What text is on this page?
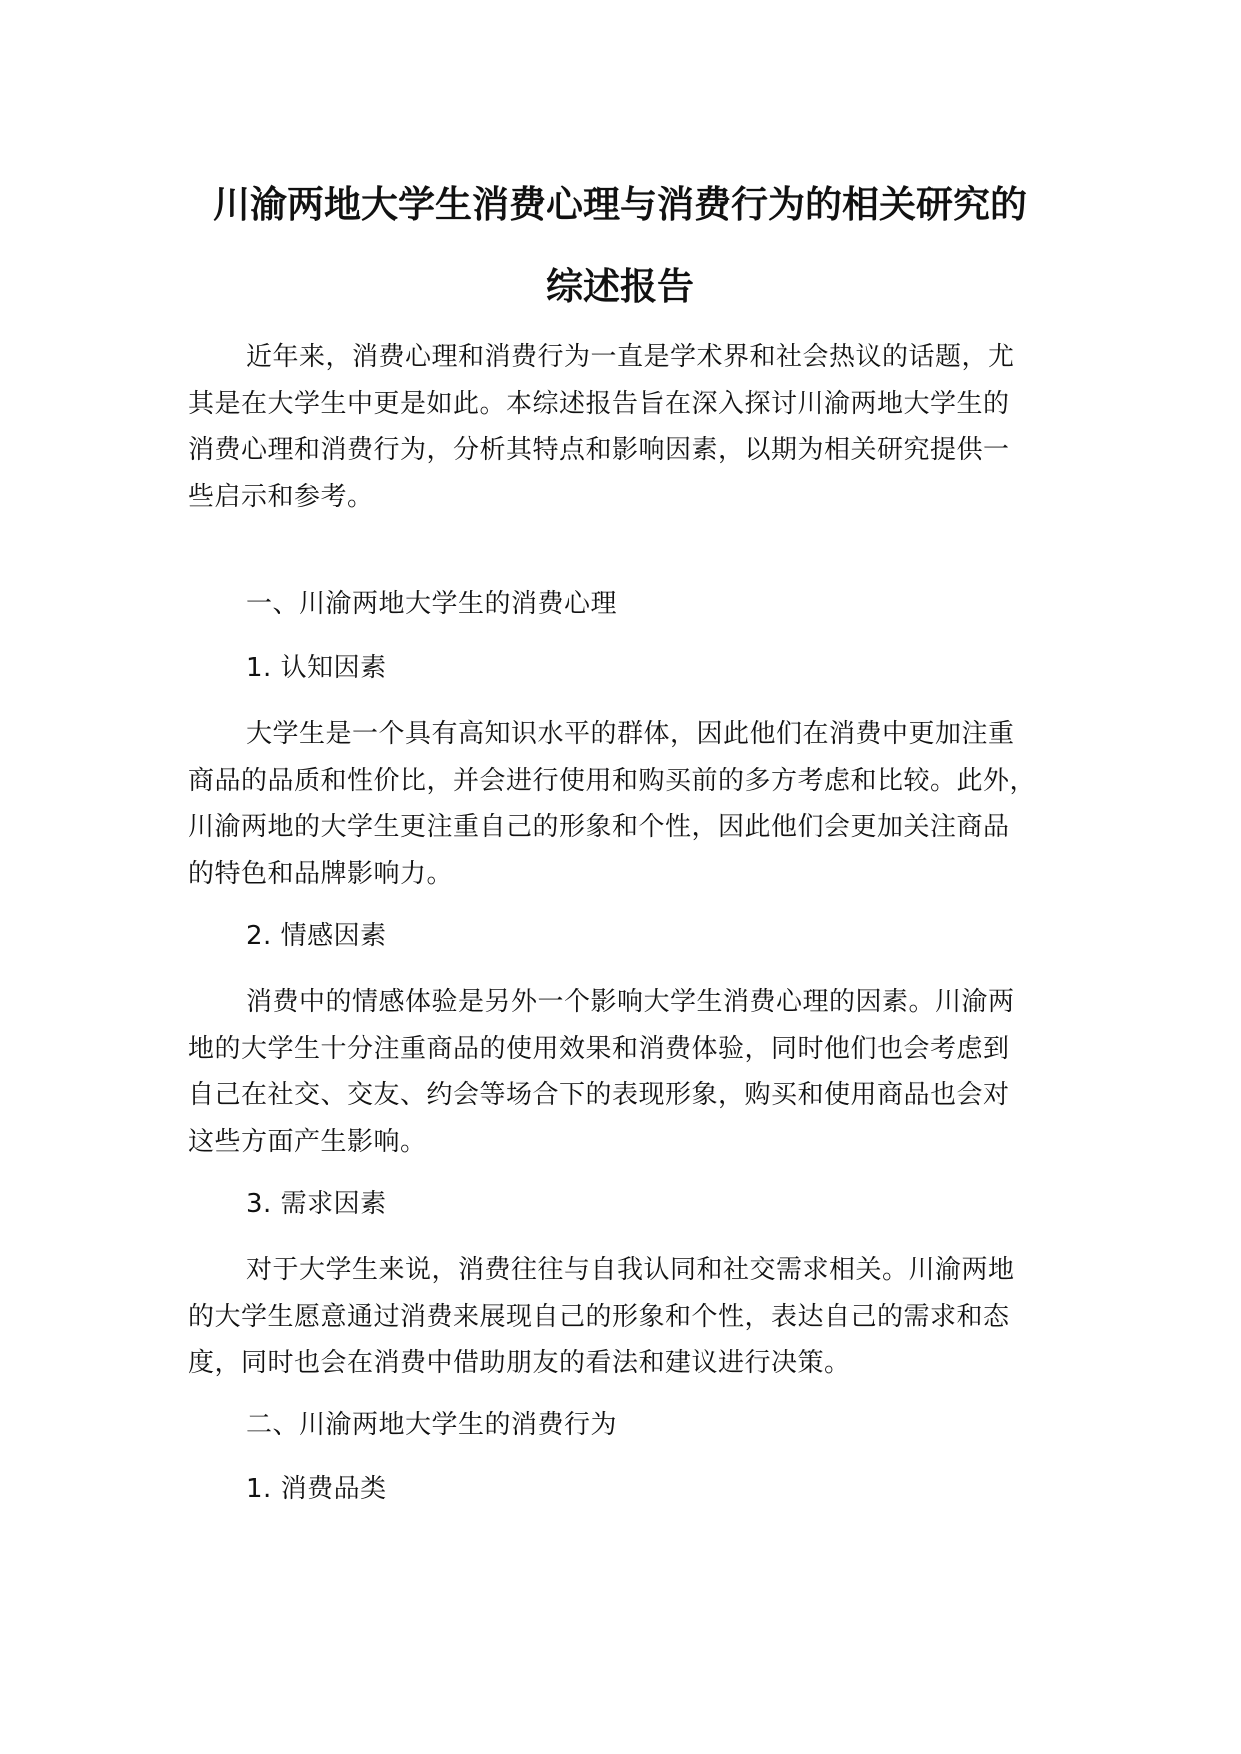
川渝两地大学生消费心理与消费行为的相关研究的
综述报告
近年来，消费心理和消费行为一直是学术界和社会热议的话题，尤
其是在大学生中更是如此。本综述报告旨在深入探讨川渝两地大学生的
消费心理和消费行为，分析其特点和影响因素，以期为相关研究提供一
些启示和参考。
一、川渝两地大学生的消费心理
1. 认知因素
大学生是一个具有高知识水平的群体，因此他们在消费中更加注重
商品的品质和性价比，并会进行使用和购买前的多方考虑和比较。此外，
川渝两地的大学生更注重自己的形象和个性，因此他们会更加关注商品
的特色和品牌影响力。
2. 情感因素
消费中的情感体验是另外一个影响大学生消费心理的因素。川渝两
地的大学生十分注重商品的使用效果和消费体验，同时他们也会考虑到
自己在社交、交友、约会等场合下的表现形象，购买和使用商品也会对
这些方面产生影响。
3. 需求因素
对于大学生来说，消费往往与自我认同和社交需求相关。川渝两地
的大学生愿意通过消费来展现自己的形象和个性，表达自己的需求和态
度，同时也会在消费中借助朋友的看法和建议进行决策。
二、川渝两地大学生的消费行为
1. 消费品类
